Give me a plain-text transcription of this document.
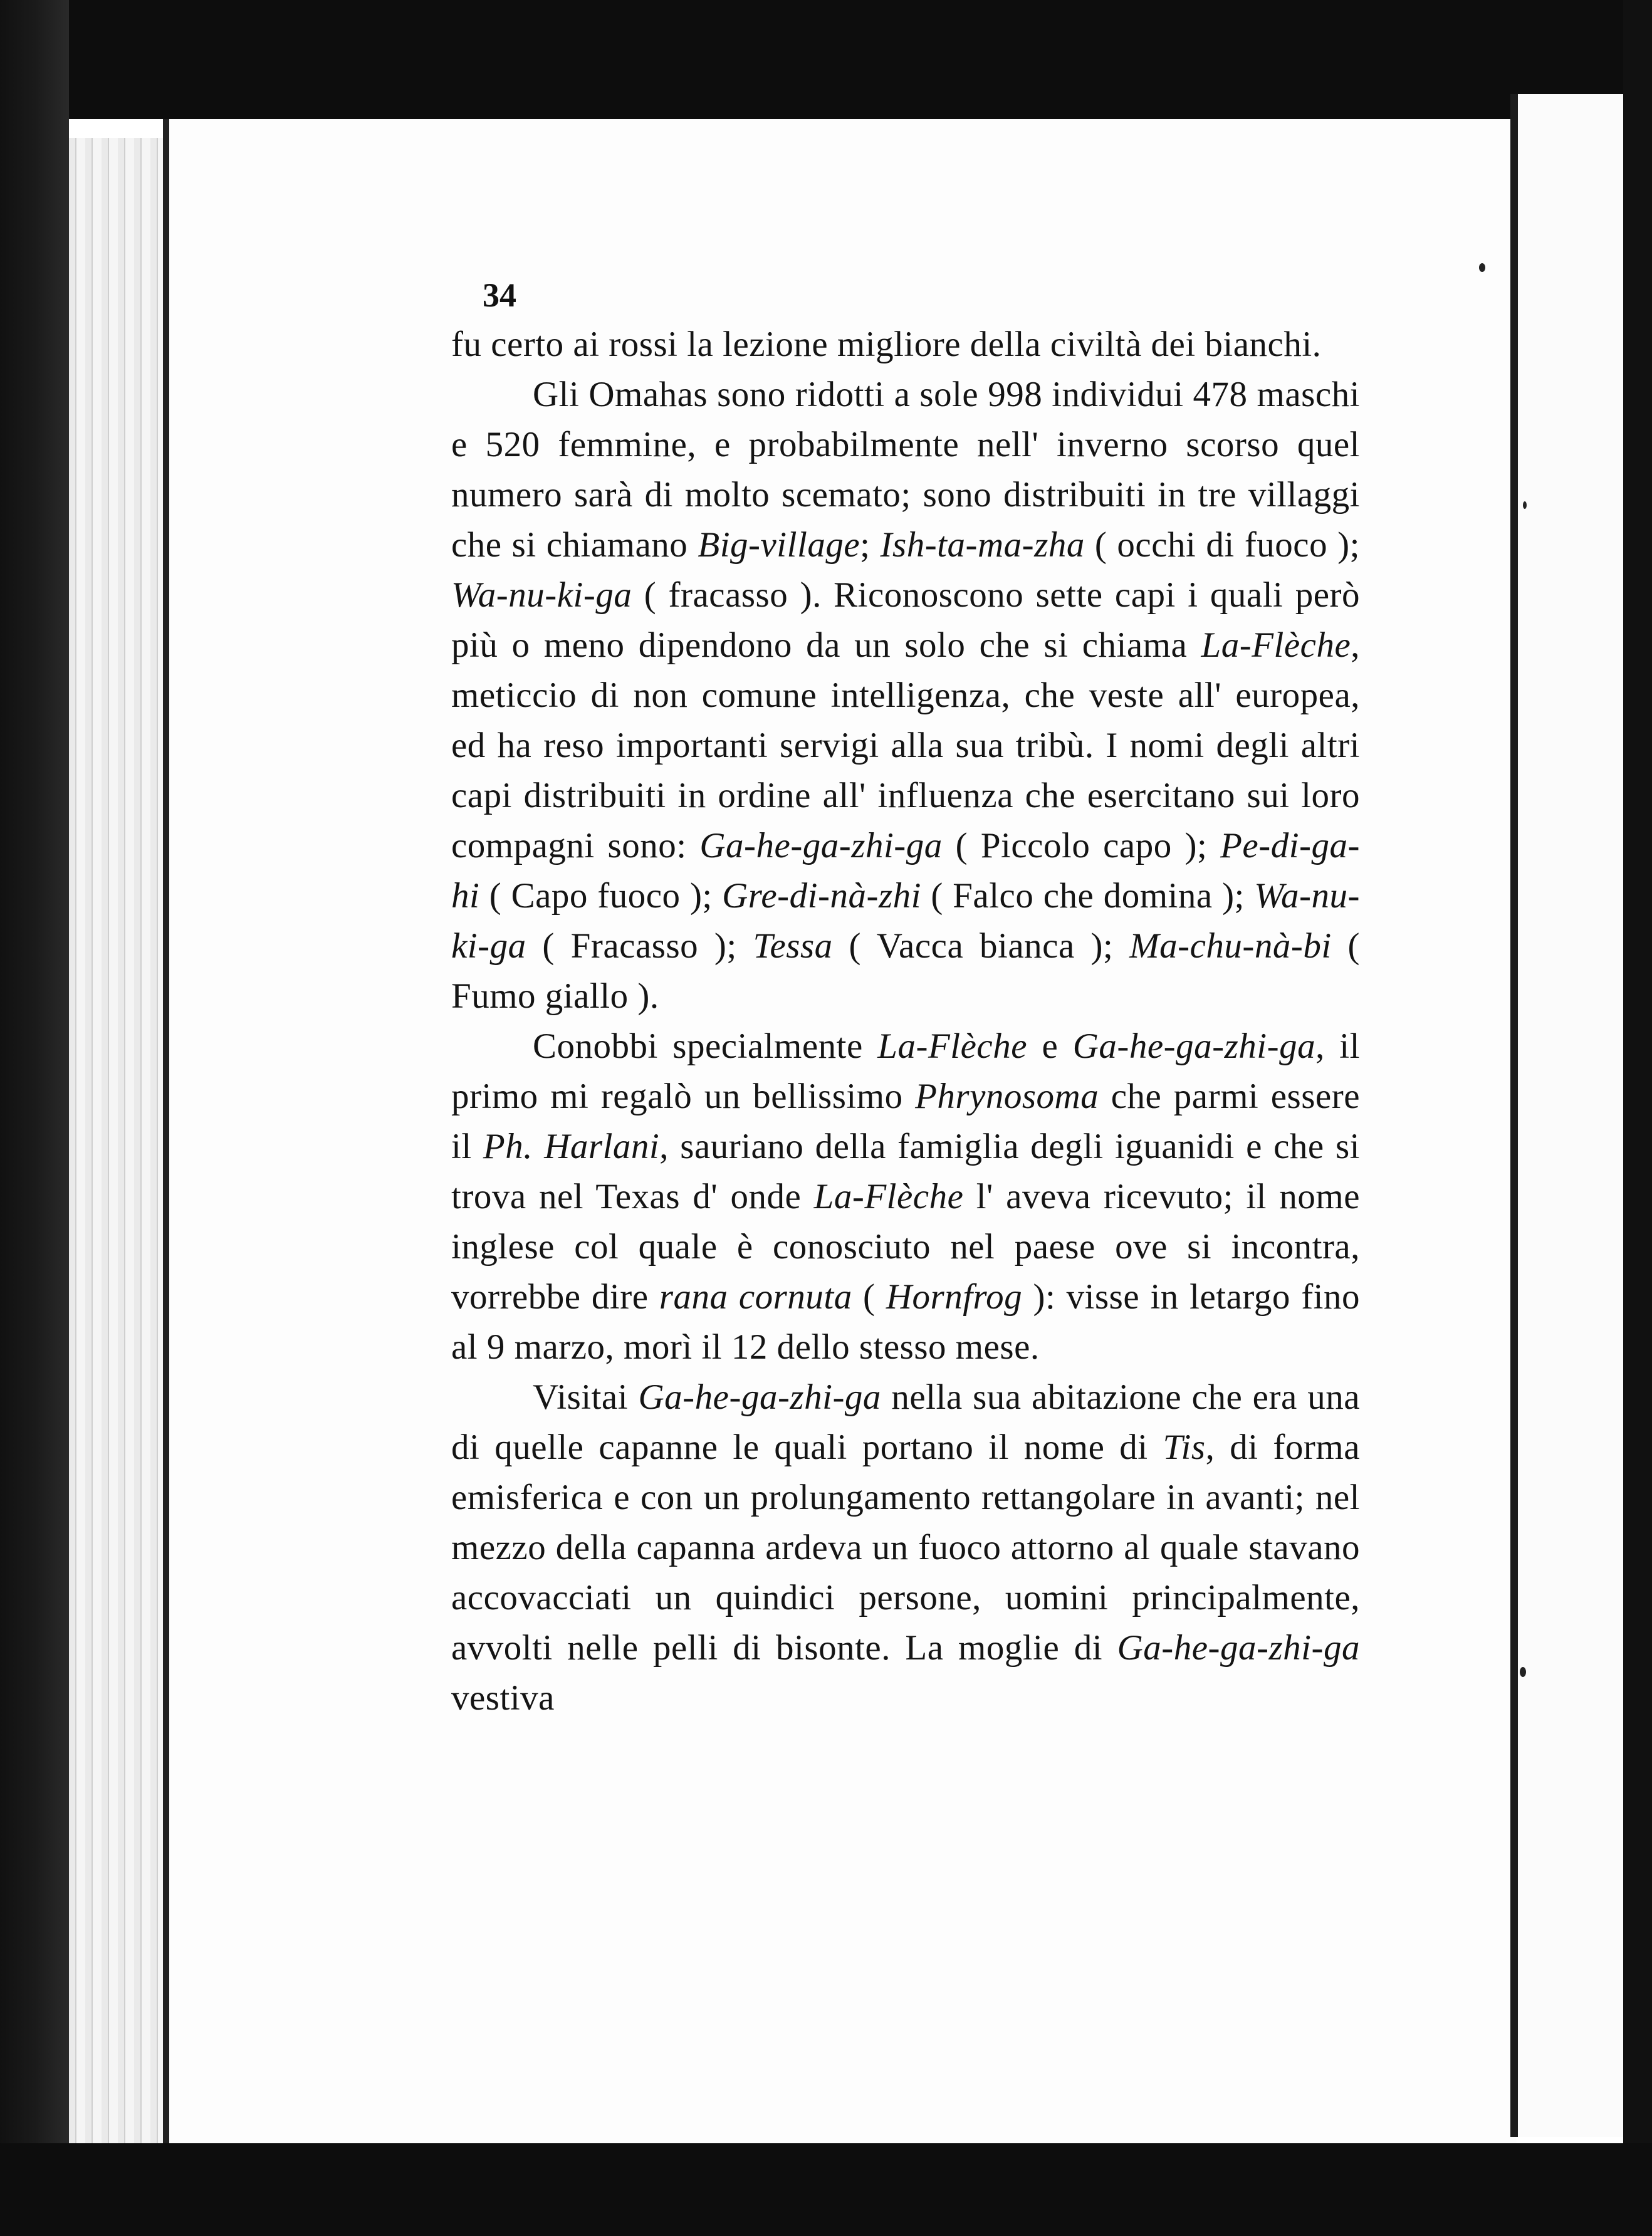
34

fu certo ai rossi la lezione migliore della civiltà dei bianchi.

Gli Omahas sono ridotti a sole 998 individui 478 maschi e 520 femmine, e probabilmente nell' inverno scorso quel numero sarà di molto scemato; sono distribuiti in tre villaggi che si chiamano Big-village; Ish-ta-ma-zha ( occhi di fuoco ); Wa-nu-ki-ga ( fracasso ). Riconoscono sette capi i quali però più o meno dipendono da un solo che si chiama La-Flèche, meticcio di non comune intelligenza, che veste all' europea, ed ha reso importanti servigi alla sua tribù. I nomi degli altri capi distribuiti in ordine all' influenza che esercitano sui loro compagni sono: Ga-he-ga-zhi-ga ( Piccolo capo ); Pe-di-ga-hi ( Capo fuoco ); Gre-di-nà-zhi ( Falco che domina ); Wa-nu-ki-ga ( Fracasso ); Tessa ( Vacca bianca ); Ma-chu-nà-bi ( Fumo giallo ).

Conobbi specialmente La-Flèche e Ga-he-ga-zhi-ga, il primo mi regalò un bellissimo Phrynosoma che parmi essere il Ph. Harlani, sauriano della famiglia degli iguanidi e che si trova nel Texas d' onde La-Flèche l' aveva ricevuto; il nome inglese col quale è conosciuto nel paese ove si incontra, vorrebbe dire rana cornuta ( Hornfrog ): visse in letargo fino al 9 marzo, morì il 12 dello stesso mese.

Visitai Ga-he-ga-zhi-ga nella sua abitazione che era una di quelle capanne le quali portano il nome di Tis, di forma emisferica e con un prolungamento rettangolare in avanti; nel mezzo della capanna ardeva un fuoco attorno al quale stavano accovacciati un quindici persone, uomini principalmente, avvolti nelle pelli di bisonte. La moglie di Ga-he-ga-zhi-ga vestiva
